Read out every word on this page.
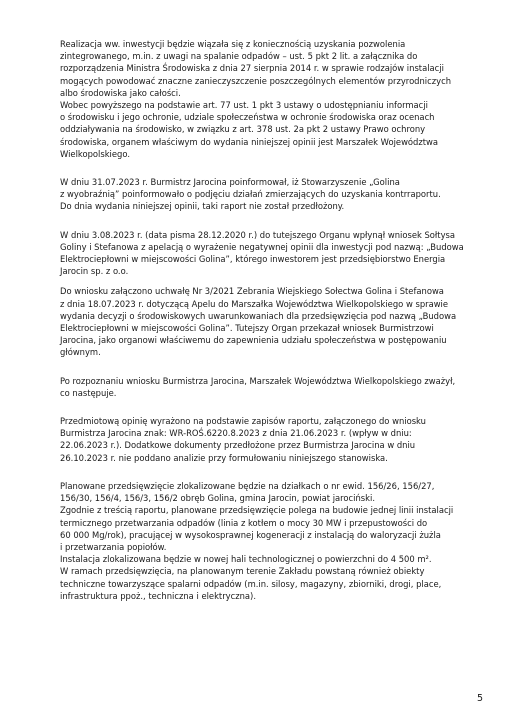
Realizacja ww. inwestycji będzie wiązała się z koniecznością uzyskania pozwolenia

zintegrowanego, m.in. z uwagi na spalanie odpadów – ust. 5 pkt 2 lit. a załącznika do

rozporządzenia Ministra Środowiska z dnia 27 sierpnia 2014 r. w sprawie rodzajów instalacji

mogących powodować znaczne zanieczyszczenie poszczególnych elementów przyrodniczych

albo środowiska jako całości.

Wobec powyższego na podstawie art. 77 ust. 1 pkt 3 ustawy o udostępnianiu informacji

o środowisku i jego ochronie, udziale społeczeństwa w ochronie środowiska oraz ocenach

oddziaływania na środowisko, w związku z art. 378 ust. 2a pkt 2 ustawy Prawo ochrony

środowiska, organem właściwym do wydania niniejszej opinii jest Marszałek Województwa

Wielkopolskiego.

W dniu 31.07.2023 r. Burmistrz Jarocina poinformował, iż Stowarzyszenie „Golina

z wyobraźnią” poinformowało o podjęciu działań zmierzających do uzyskania kontrraportu.

Do dnia wydania niniejszej opinii, taki raport nie został przedłożony.

W dniu 3.08.2023 r. (data pisma 28.12.2020 r.) do tutejszego Organu wpłynął wniosek Sołtysa

Goliny i Stefanowa z apelacją o wyrażenie negatywnej opinii dla inwestycji pod nazwą: „Budowa

Elektrociepłowni w miejscowości Golina”, którego inwestorem jest przedsiębiorstwo Energia

Jarocin sp. z o.o.

Do wniosku załączono uchwałę Nr 3/2021 Zebrania Wiejskiego Sołectwa Golina i Stefanowa

z dnia 18.07.2023 r. dotyczącą Apelu do Marszałka Województwa Wielkopolskiego w sprawie

wydania decyzji o środowiskowych uwarunkowaniach dla przedsięwzięcia pod nazwą „Budowa

Elektrociepłowni w miejscowości Golina”. Tutejszy Organ przekazał wniosek Burmistrzowi

Jarocina, jako organowi właściwemu do zapewnienia udziału społeczeństwa w postępowaniu

głównym.

Po rozpoznaniu wniosku Burmistrza Jarocina, Marszałek Województwa Wielkopolskiego zważył,

co następuje.

Przedmiotową opinię wyrażono na podstawie zapisów raportu, załączonego do wniosku

Burmistrza Jarocina znak: WR-ROŚ.6220.8.2023 z dnia 21.06.2023 r. (wpływ w dniu:

22.06.2023 r.). Dodatkowe dokumenty przedłożone przez Burmistrza Jarocina w dniu

26.10.2023 r. nie poddano analizie przy formułowaniu niniejszego stanowiska.

Planowane przedsięwzięcie zlokalizowane będzie na działkach o nr ewid. 156/26, 156/27,

156/30, 156/4, 156/3, 156/2 obręb Golina, gmina Jarocin, powiat jarociński.

Zgodnie z treścią raportu, planowane przedsięwzięcie polega na budowie jednej linii instalacji

termicznego przetwarzania odpadów (linia z kotłem o mocy 30 MW i przepustowości do

60 000 Mg/rok), pracującej w wysokosprawnej kogeneracji z instalacją do waloryzacji żużla

i przetwarzania popiołów.

Instalacja zlokalizowana będzie w nowej hali technologicznej o powierzchni do 4 500 m².

W ramach przedsięwzięcia, na planowanym terenie Zakładu powstaną również obiekty

techniczne towarzyszące spalarni odpadów (m.in. silosy, magazyny, zbiorniki, drogi, place,

infrastruktura ppoż., techniczna i elektryczna).

5
